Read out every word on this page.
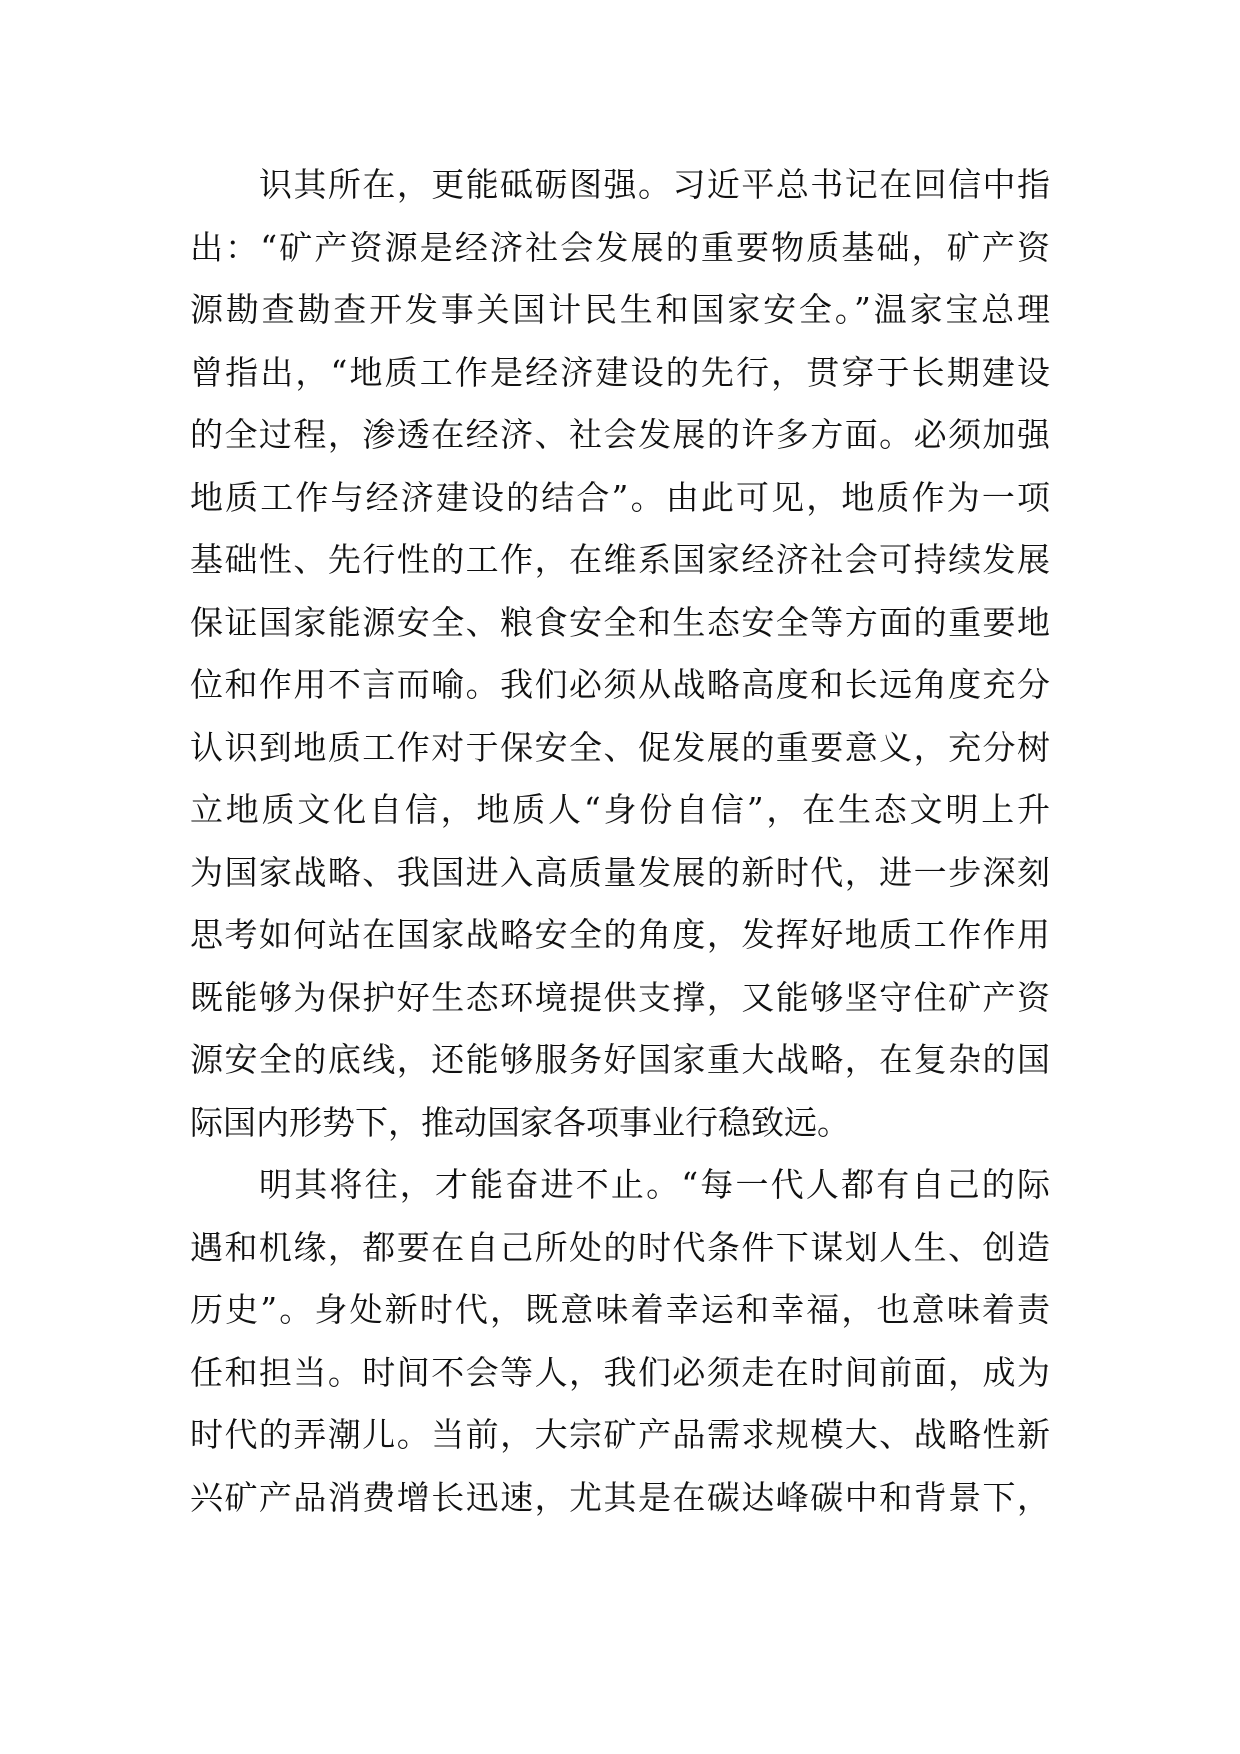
识其所在，更能砥砺图强。习近平总书记在回信中指
出：“矿产资源是经济社会发展的重要物质基础，矿产资
源勘查勘查开发事关国计民生和国家安全。”温家宝总理
曾指出，“地质工作是经济建设的先行，贯穿于长期建设
的全过程，渗透在经济、社会发展的许多方面。必须加强
地质工作与经济建设的结合”。由此可见，地质作为一项
基础性、先行性的工作，在维系国家经济社会可持续发展
保证国家能源安全、粮食安全和生态安全等方面的重要地
位和作用不言而喻。我们必须从战略高度和长远角度充分
认识到地质工作对于保安全、促发展的重要意义，充分树
立地质文化自信，地质人“身份自信”，在生态文明上升
为国家战略、我国进入高质量发展的新时代，进一步深刻
思考如何站在国家战略安全的角度，发挥好地质工作作用
既能够为保护好生态环境提供支撑，又能够坚守住矿产资
源安全的底线，还能够服务好国家重大战略，在复杂的国
际国内形势下，推动国家各项事业行稳致远。
明其将往，才能奋进不止。“每一代人都有自己的际
遇和机缘，都要在自己所处的时代条件下谋划人生、创造
历史”。身处新时代，既意味着幸运和幸福，也意味着责
任和担当。时间不会等人，我们必须走在时间前面，成为
时代的弄潮儿。当前，大宗矿产品需求规模大、战略性新
兴矿产品消费增长迅速，尤其是在碳达峰碳中和背景下，
